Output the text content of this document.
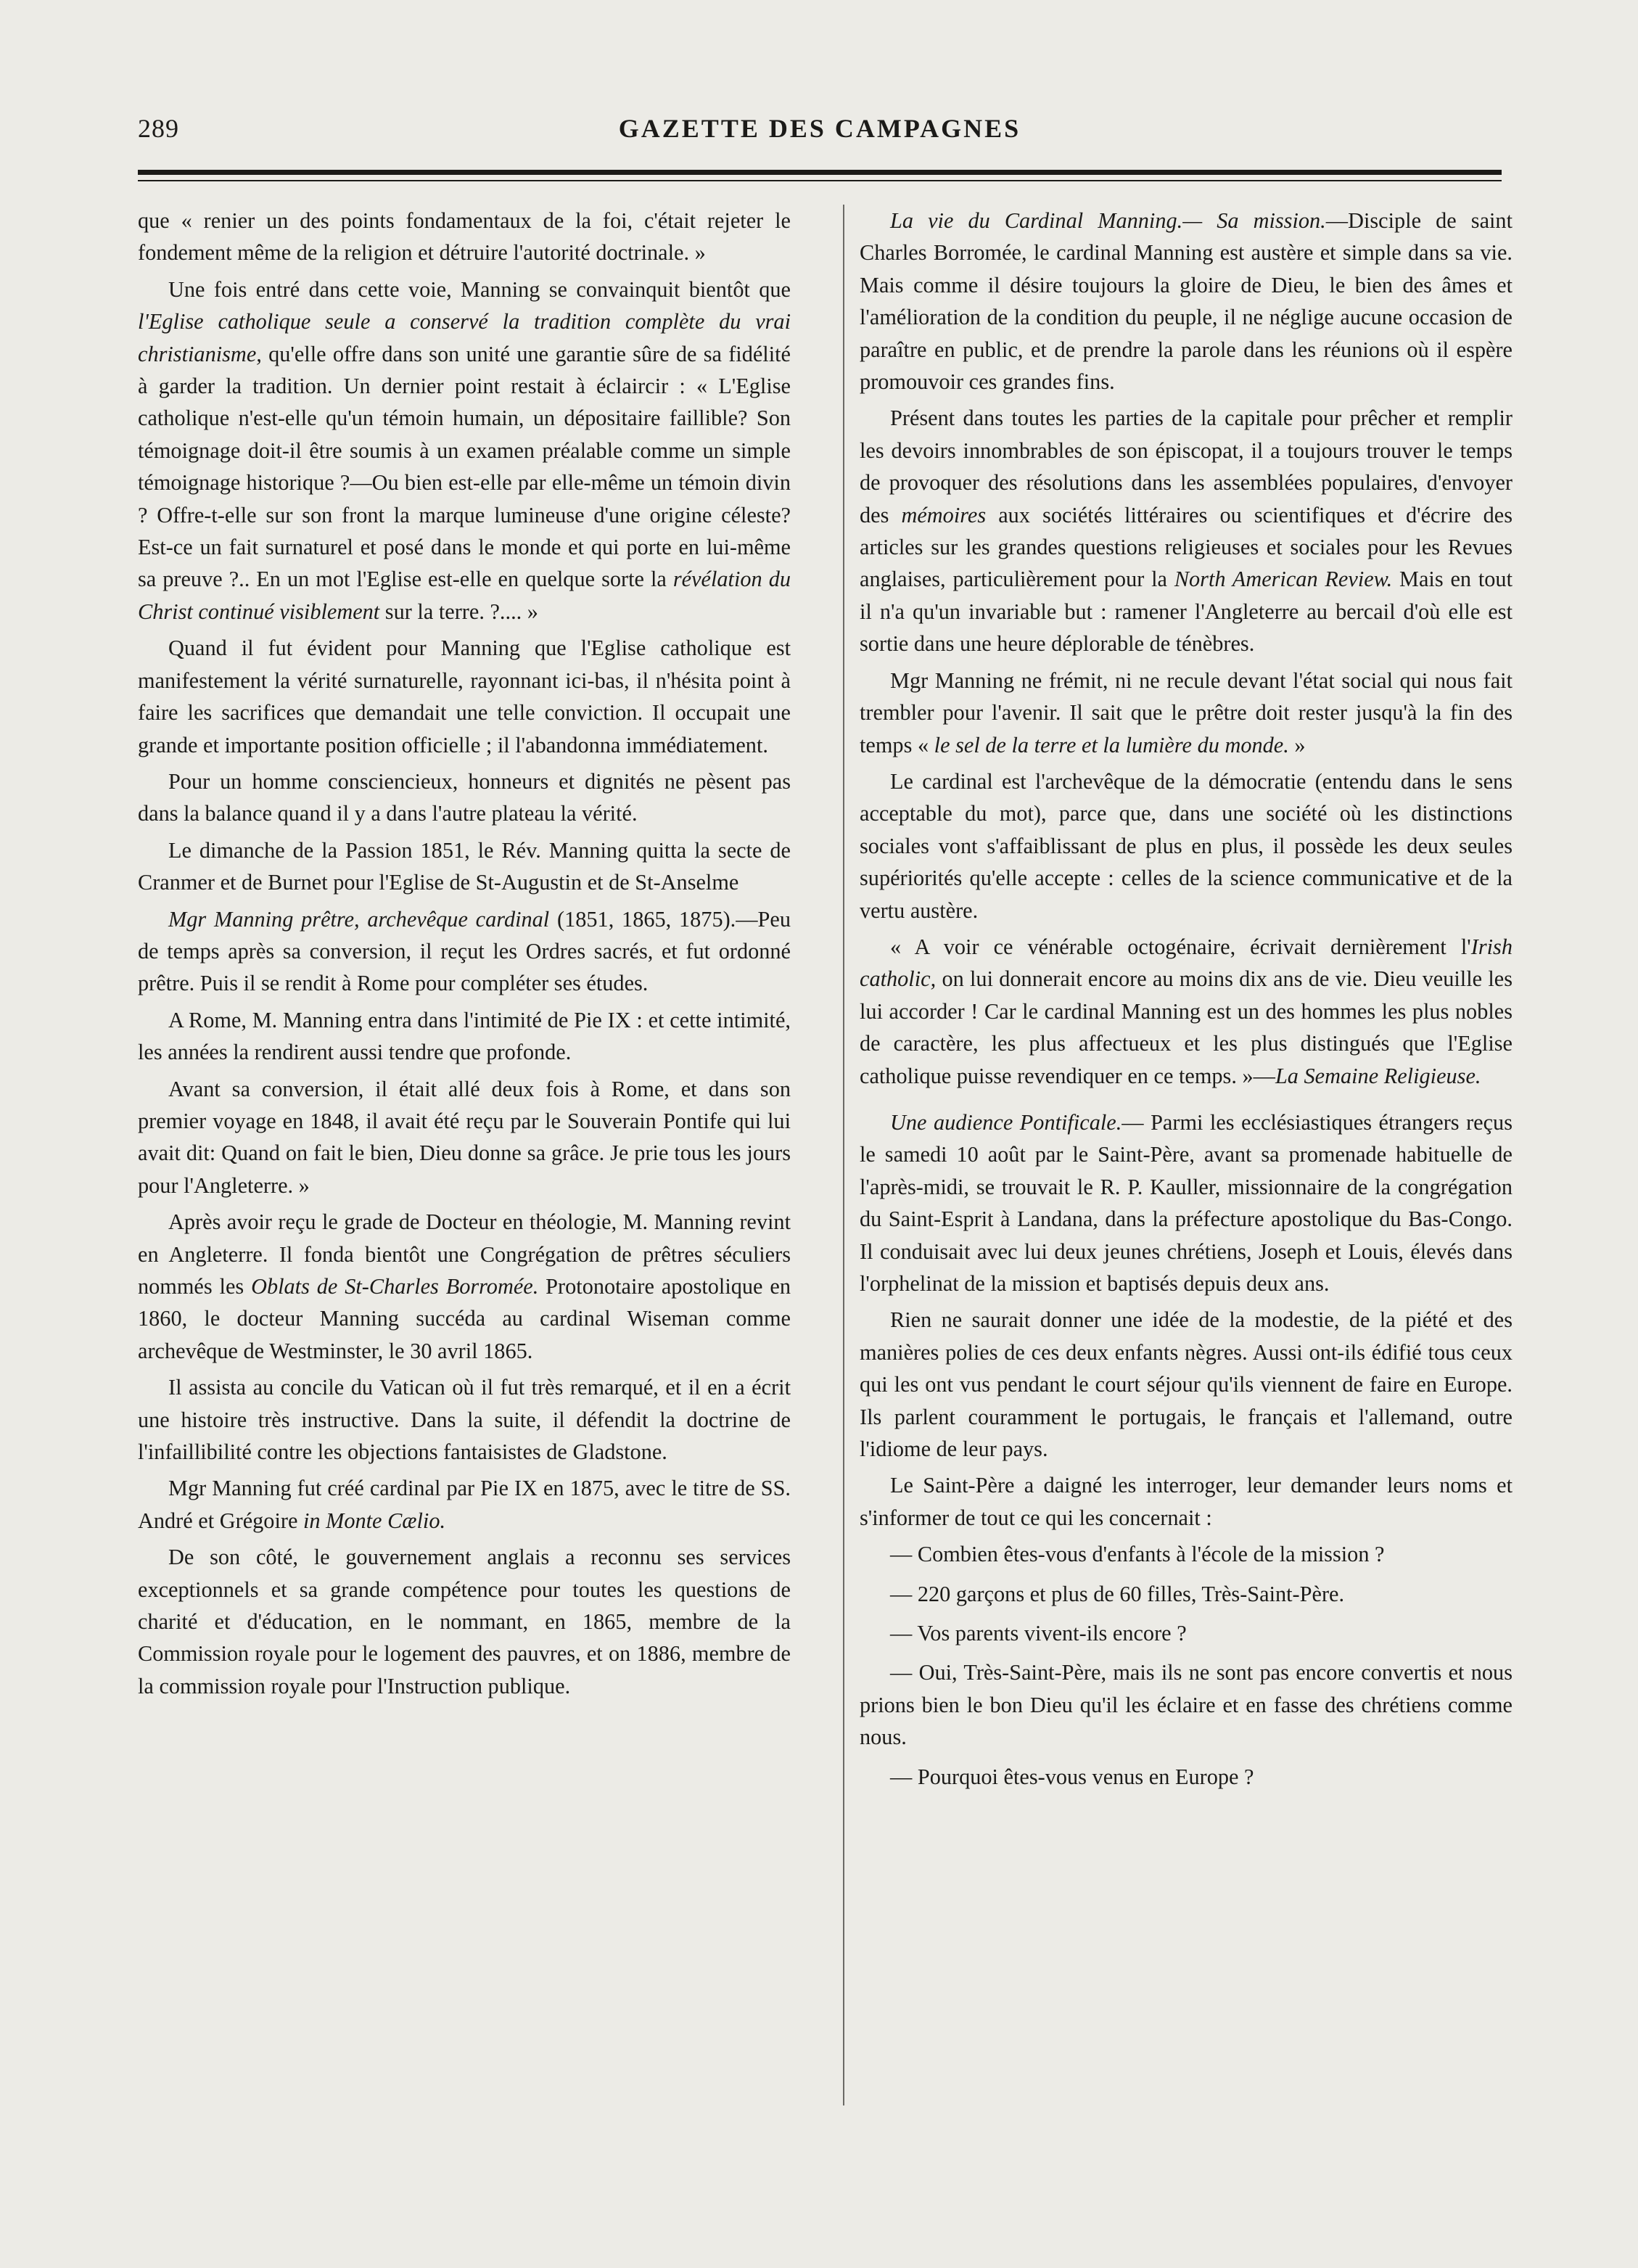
289	GAZETTE DES CAMPAGNES

que « renier un des points fondamentaux de la foi, c'était rejeter le fondement même de la religion et détruire l'autorité doctrinale. »

Une fois entré dans cette voie, Manning se convainquit bientôt que l'Eglise catholique seule a conservé la tradition complète du vrai christianisme, qu'elle offre dans son unité une garantie sûre de sa fidélité à garder la tradition. Un dernier point restait à éclaircir : « L'Eglise catholique n'est-elle qu'un témoin humain, un dépositaire faillible? Son témoignage doit-il être soumis à un examen préalable comme un simple témoignage historique ?—Ou bien est-elle par elle-même un témoin divin ? Offre-t-elle sur son front la marque lumineuse d'une origine céleste? Est-ce un fait surnaturel et posé dans le monde et qui porte en lui-même sa preuve ?.. En un mot l'Eglise est-elle en quelque sorte la révélation du Christ continué visiblement sur la terre. ?.... »

Quand il fut évident pour Manning que l'Eglise catholique est manifestement la vérité surnaturelle, rayonnant ici-bas, il n'hésita point à faire les sacrifices que demandait une telle conviction. Il occupait une grande et importante position officielle ; il l'abandonna immédiatement.

Pour un homme consciencieux, honneurs et dignités ne pèsent pas dans la balance quand il y a dans l'autre plateau la vérité.

Le dimanche de la Passion 1851, le Rév. Manning quitta la secte de Cranmer et de Burnet pour l'Eglise de St-Augustin et de St-Anselme

Mgr Manning prêtre, archevêque cardinal (1851, 1865, 1875).—Peu de temps après sa conversion, il reçut les Ordres sacrés, et fut ordonné prêtre. Puis il se rendit à Rome pour compléter ses études.

A Rome, M. Manning entra dans l'intimité de Pie IX : et cette intimité, les années la rendirent aussi tendre que profonde.

Avant sa conversion, il était allé deux fois à Rome, et dans son premier voyage en 1848, il avait été reçu par le Souverain Pontife qui lui avait dit: Quand on fait le bien, Dieu donne sa grâce. Je prie tous les jours pour l'Angleterre. »

Après avoir reçu le grade de Docteur en théologie, M. Manning revint en Angleterre. Il fonda bientôt une Congrégation de prêtres séculiers nommés les Oblats de St-Charles Borromée. Protonotaire apostolique en 1860, le docteur Manning succéda au cardinal Wiseman comme archevêque de Westminster, le 30 avril 1865.

Il assista au concile du Vatican où il fut très remarqué, et il en a écrit une histoire très instructive. Dans la suite, il défendit la doctrine de l'infaillibilité contre les objections fantaisistes de Gladstone.

Mgr Manning fut créé cardinal par Pie IX en 1875, avec le titre de SS. André et Grégoire in Monte Cælio.

De son côté, le gouvernement anglais a reconnu ses services exceptionnels et sa grande compétence pour toutes les questions de charité et d'éducation, en le nommant, en 1865, membre de la Commission royale pour le logement des pauvres, et on 1886, membre de la commission royale pour l'Instruction publique.

La vie du Cardinal Manning.— Sa mission.—Disciple de saint Charles Borromée, le cardinal Manning est austère et simple dans sa vie. Mais comme il désire toujours la gloire de Dieu, le bien des âmes et l'amélioration de la condition du peuple, il ne néglige aucune occasion de paraître en public, et de prendre la parole dans les réunions où il espère promouvoir ces grandes fins.

Présent dans toutes les parties de la capitale pour prêcher et remplir les devoirs innombrables de son épiscopat, il a toujours trouver le temps de provoquer des résolutions dans les assemblées populaires, d'envoyer des mémoires aux sociétés littéraires ou scientifiques et d'écrire des articles sur les grandes questions religieuses et sociales pour les Revues anglaises, particulièrement pour la North American Review. Mais en tout il n'a qu'un invariable but : ramener l'Angleterre au bercail d'où elle est sortie dans une heure déplorable de ténèbres.

Mgr Manning ne frémit, ni ne recule devant l'état social qui nous fait trembler pour l'avenir. Il sait que le prêtre doit rester jusqu'à la fin des temps « le sel de la terre et la lumière du monde. »

Le cardinal est l'archevêque de la démocratie (entendu dans le sens acceptable du mot), parce que, dans une société où les distinctions sociales vont s'affaiblissant de plus en plus, il possède les deux seules supériorités qu'elle accepte : celles de la science communicative et de la vertu austère.

« A voir ce vénérable octogénaire, écrivait dernièrement l'Irish catholic, on lui donnerait encore au moins dix ans de vie. Dieu veuille les lui accorder ! Car le cardinal Manning est un des hommes les plus nobles de caractère, les plus affectueux et les plus distingués que l'Eglise catholique puisse revendiquer en ce temps. »—La Semaine Religieuse.

Une audience Pontificale.— Parmi les ecclésiastiques étrangers reçus le samedi 10 août par le Saint-Père, avant sa promenade habituelle de l'après-midi, se trouvait le R. P. Kauller, missionnaire de la congrégation du Saint-Esprit à Landana, dans la préfecture apostolique du Bas-Congo. Il conduisait avec lui deux jeunes chrétiens, Joseph et Louis, élevés dans l'orphelinat de la mission et baptisés depuis deux ans.

Rien ne saurait donner une idée de la modestie, de la piété et des manières polies de ces deux enfants nègres. Aussi ont-ils édifié tous ceux qui les ont vus pendant le court séjour qu'ils viennent de faire en Europe. Ils parlent couramment le portugais, le français et l'allemand, outre l'idiome de leur pays.

Le Saint-Père a daigné les interroger, leur demander leurs noms et s'informer de tout ce qui les concernait :

— Combien êtes-vous d'enfants à l'école de la mission ?

— 220 garçons et plus de 60 filles, Très-Saint-Père.

— Vos parents vivent-ils encore ?

— Oui, Très-Saint-Père, mais ils ne sont pas encore convertis et nous prions bien le bon Dieu qu'il les éclaire et en fasse des chrétiens comme nous.

— Pourquoi êtes-vous venus en Europe ?
